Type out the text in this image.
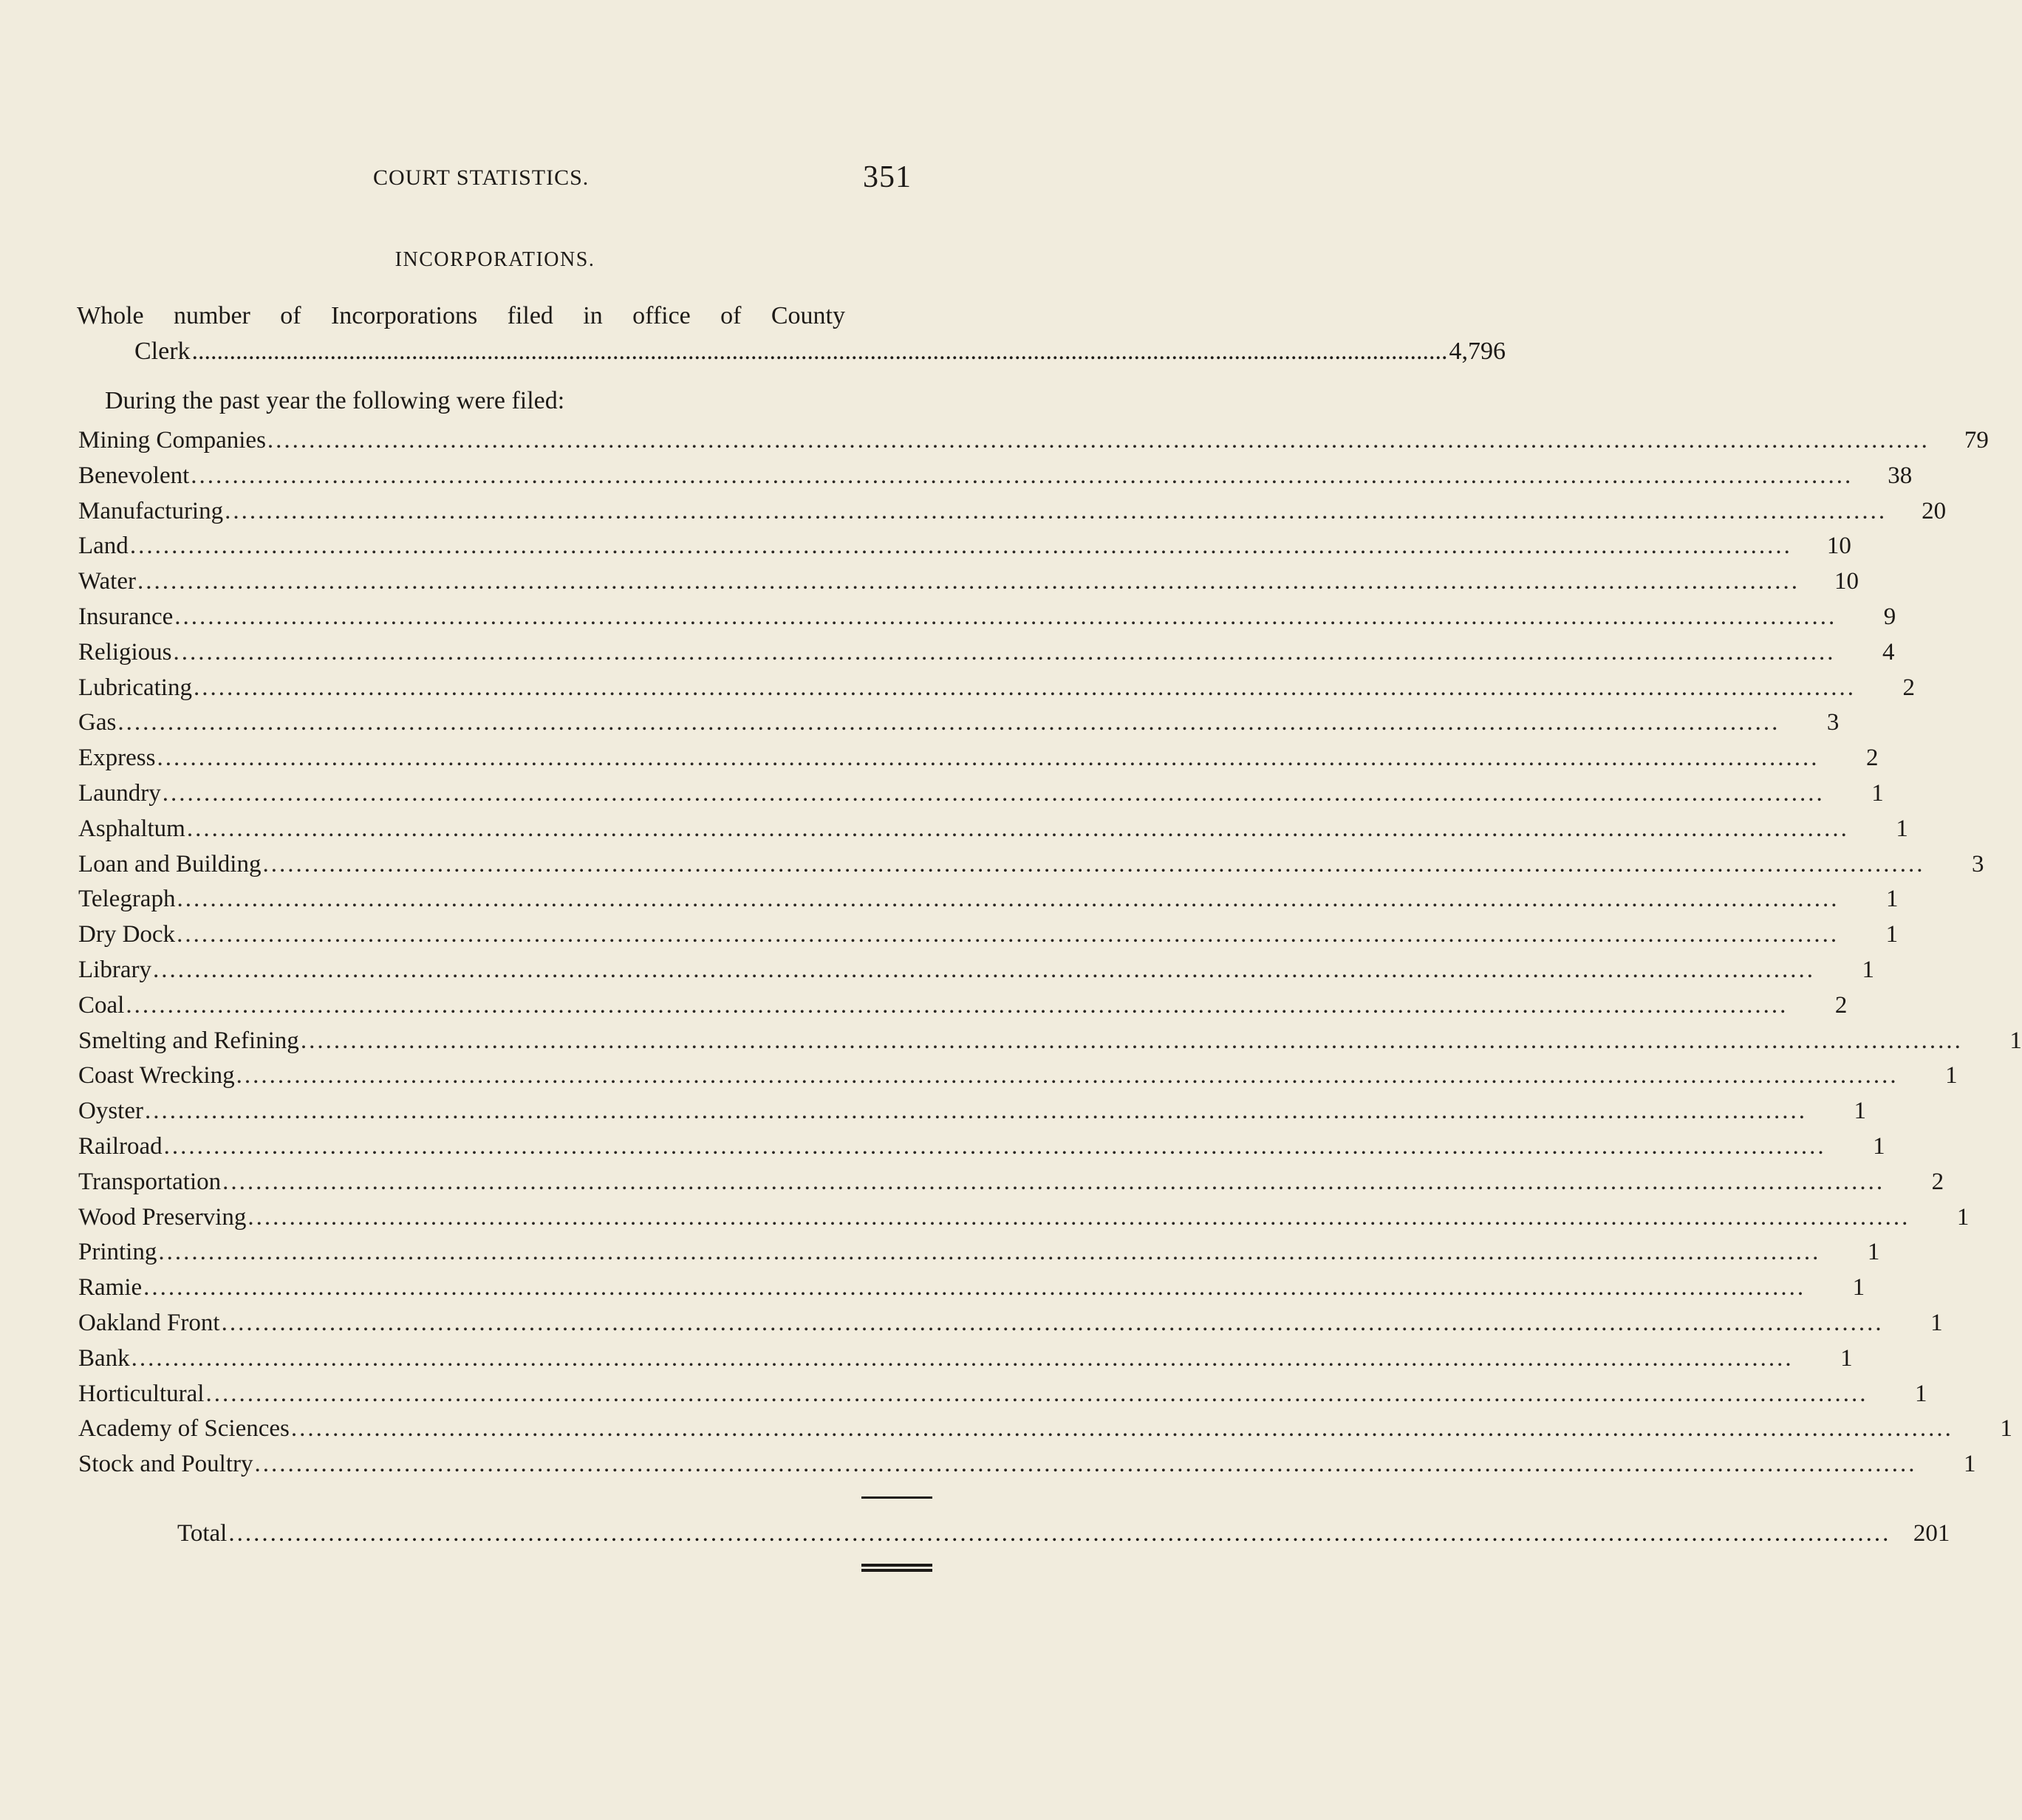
COURT STATISTICS.	351
INCORPORATIONS.
Whole number of Incorporations filed in office of County
Clerk ........................................................................................................................................................................................................ 4,796
During the past year the following were filed:
Mining Companies ........................................................................................................................................................................................................	79
Benevolent ........................................................................................................................................................................................................	38
Manufacturing ........................................................................................................................................................................................................	20
Land ........................................................................................................................................................................................................	10
Water ........................................................................................................................................................................................................	10
Insurance ........................................................................................................................................................................................................	9
Religious ........................................................................................................................................................................................................	4
Lubricating ........................................................................................................................................................................................................	2
Gas ........................................................................................................................................................................................................	3
Express ........................................................................................................................................................................................................	2
Laundry ........................................................................................................................................................................................................	1
Asphaltum ........................................................................................................................................................................................................	1
Loan and Building ........................................................................................................................................................................................................	3
Telegraph ........................................................................................................................................................................................................	1
Dry Dock ........................................................................................................................................................................................................	1
Library ........................................................................................................................................................................................................	1
Coal ........................................................................................................................................................................................................	2
Smelting and Refining ........................................................................................................................................................................................................	1
Coast Wrecking ........................................................................................................................................................................................................	1
Oyster ........................................................................................................................................................................................................	1
Railroad ........................................................................................................................................................................................................	1
Transportation ........................................................................................................................................................................................................	2
Wood Preserving ........................................................................................................................................................................................................	1
Printing ........................................................................................................................................................................................................	1
Ramie ........................................................................................................................................................................................................	1
Oakland Front ........................................................................................................................................................................................................	1
Bank ........................................................................................................................................................................................................	1
Horticultural ........................................................................................................................................................................................................	1
Academy of Sciences ........................................................................................................................................................................................................	1
Stock and Poultry ........................................................................................................................................................................................................	1
Total ........................................................................................................................................................................................................ 201
